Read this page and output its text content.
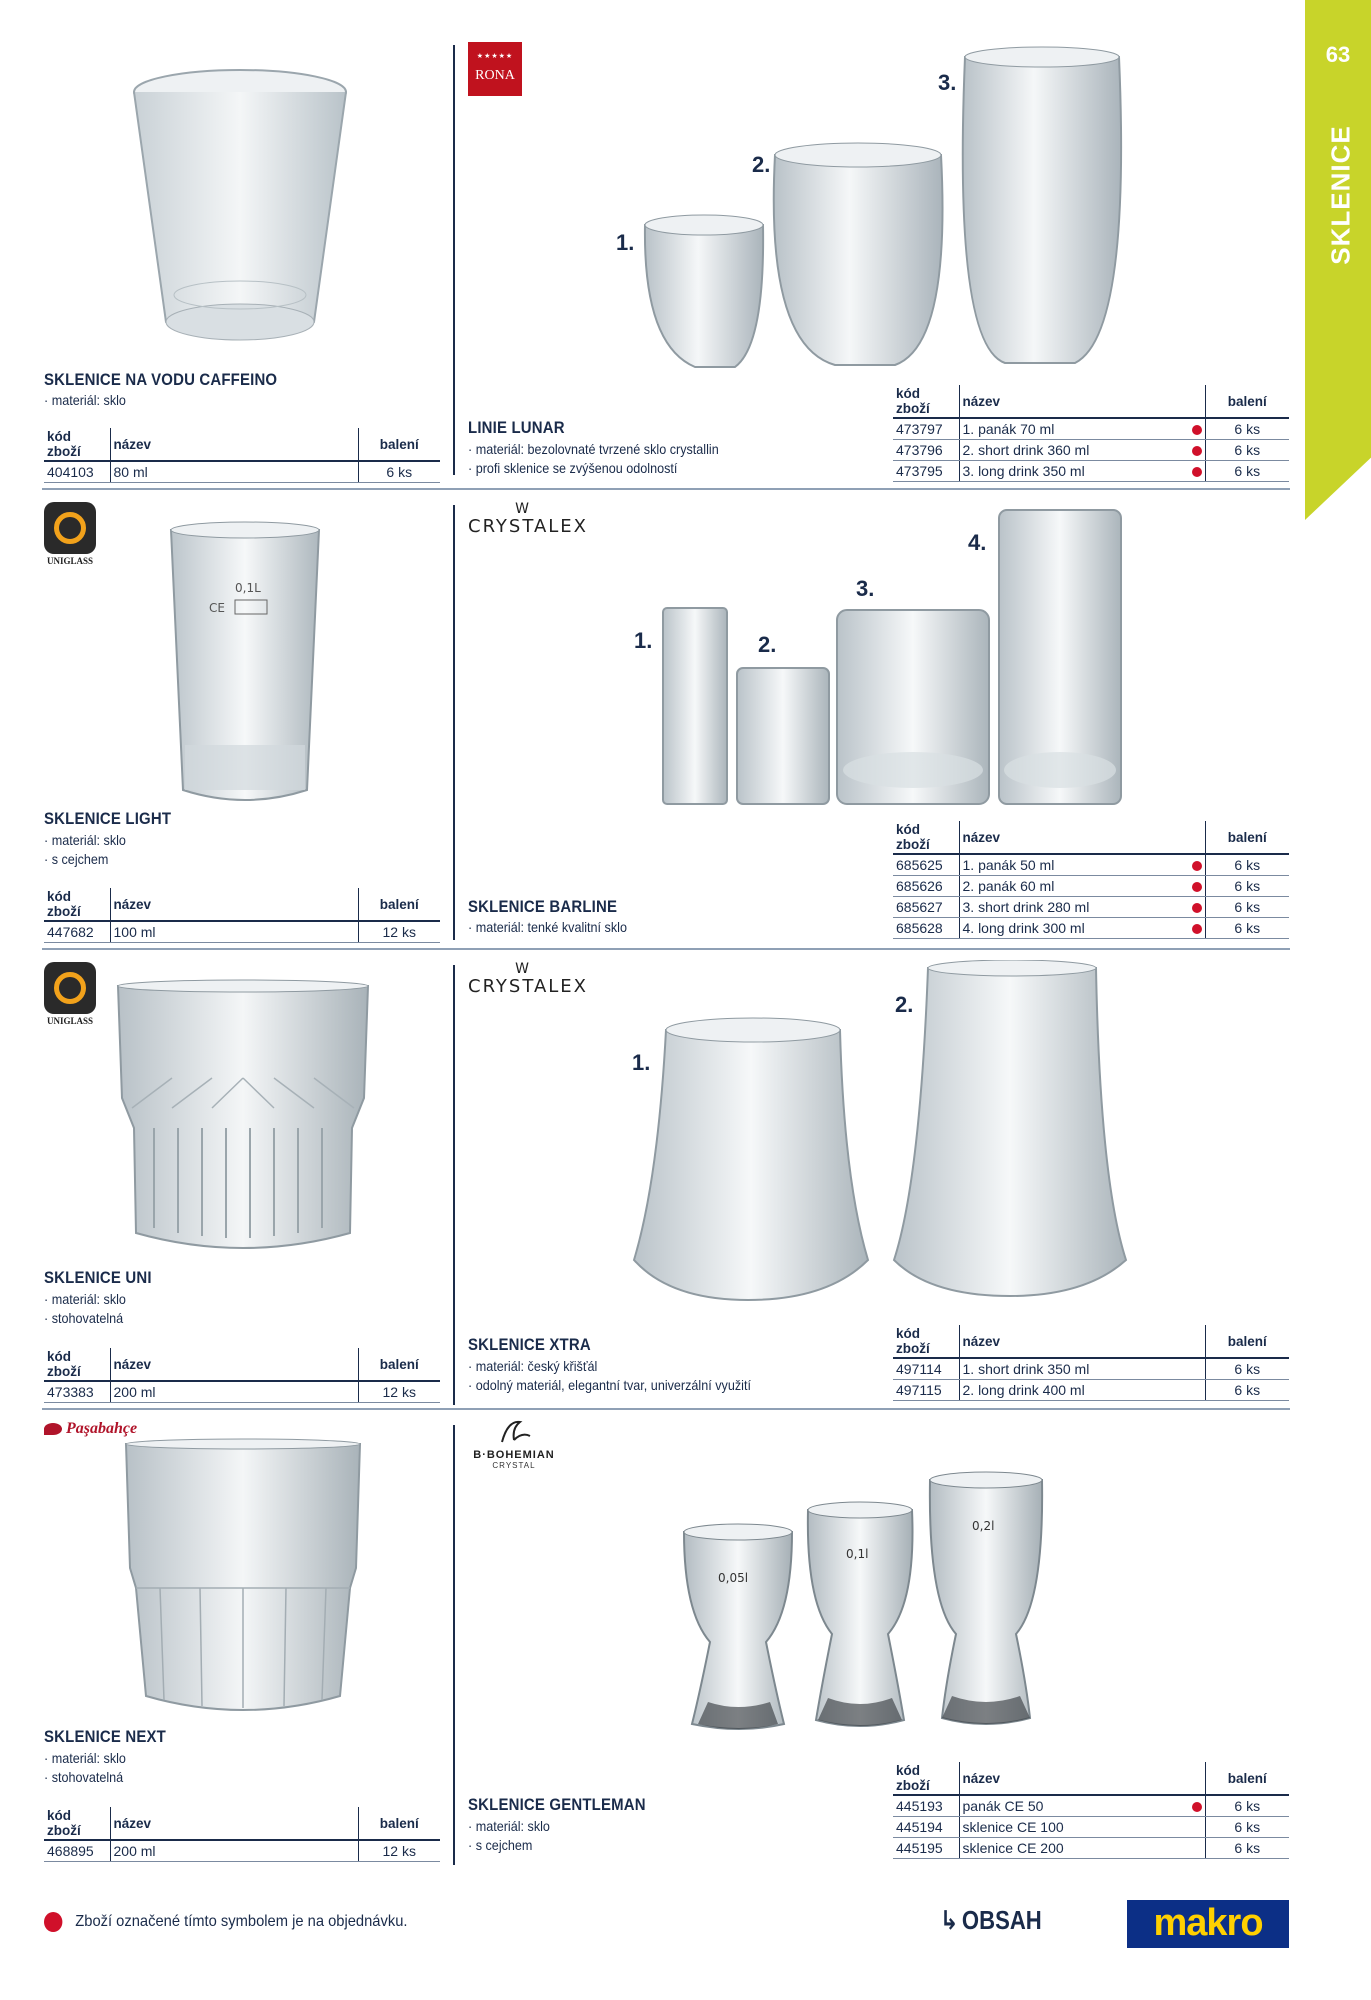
63
SKLENICE
SKLENICE NA VODU CAFFEINO
· materiál: sklo
kód zboží	název	balení
404103	80 ml	6 ks
★★★★★
RONA
1.
2.
3.
LINIE LUNAR
· materiál: bezolovnaté tvrzené sklo crystallin
· profi sklenice se zvýšenou odolností
kód zboží	název	balení
473797	1. panák 70 ml	6 ks
473796	2. short drink 360 ml	6 ks
473795	3. long drink 350 ml	6 ks
UNIGLASS
0,1L
CE
SKLENICE LIGHT
· materiál: sklo
· s cejchem
kód zboží	název	balení
447682	100 ml	12 ks
W
CRYSTALEX
1.	2.
3.
4.
SKLENICE BARLINE
· materiál: tenké kvalitní sklo
kód zboží	název	balení
685625	1. panák 50 ml	6 ks
685626	2. panák 60 ml	6 ks
685627	3. short drink 280 ml	6 ks
685628	4. long drink 300 ml	6 ks
UNIGLASS
SKLENICE UNI
· materiál: sklo
· stohovatelná
kód zboží	název	balení
473383	200 ml	12 ks
W
CRYSTALEX
1.
2.
SKLENICE XTRA
· materiál: český křišťál
· odolný materiál, elegantní tvar, univerzální využití
kód zboží	název	balení
497114	1. short drink 350 ml	6 ks
497115	2. long drink 400 ml	6 ks
Paşabahçe
SKLENICE NEXT
· materiál: sklo
· stohovatelná
kód zboží	název	balení
468895	200 ml	12 ks
B·BOHEMIAN
CRYSTAL
0,05l
0,1l
0,2l
SKLENICE GENTLEMAN
· materiál: sklo
· s cejchem
kód zboží	název	balení
445193	panák CE 50	6 ks
445194	sklenice CE 100	6 ks
445195	sklenice CE 200	6 ks
Zboží označené tímto symbolem je na objednávku.	↳ OBSAH	makro
